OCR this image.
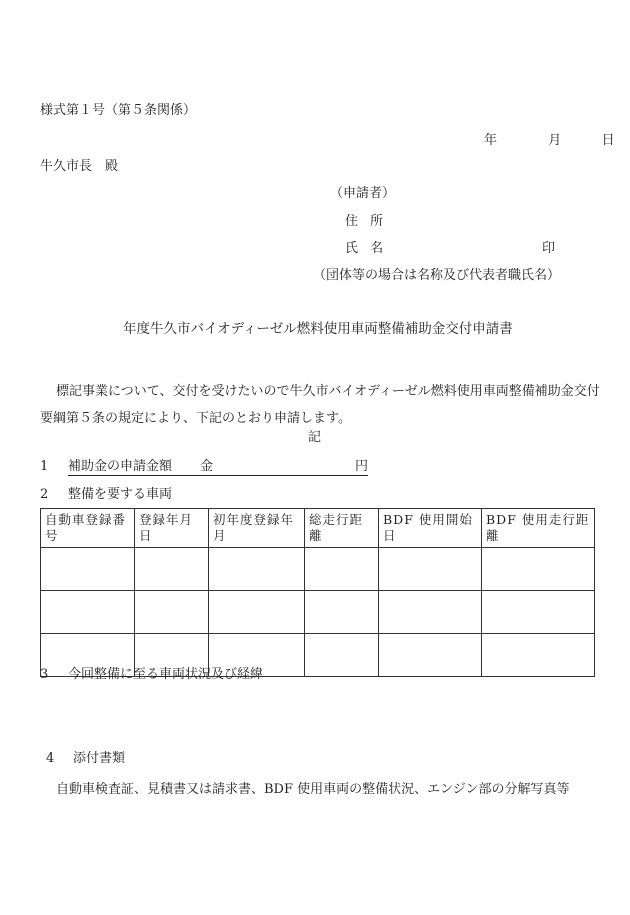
様式第１号（第５条関係）
年	月	日
牛久市長　殿
（申請者）
住 所
氏 名	印
（団体等の場合は名称及び代表者職氏名）
年度牛久市バイオディーゼル燃料使用車両整備補助金交付申請書
標記事業について、交付を受けたいので牛久市バイオディーゼル燃料使用車両整備補助金交付要綱第５条の規定により、下記のとおり申請します。
記
1 補助金の申請金額 金	円
2 整備を要する車両
自動車登録番号	登録年月日	初年度登録年月	総走行距離	BDF 使用開始日	BDF 使用走行距離

3 今回整備に至る車両状況及び経緯
4 添付書類
自動車検査証、見積書又は請求書、BDF 使用車両の整備状況、エンジン部の分解写真等
